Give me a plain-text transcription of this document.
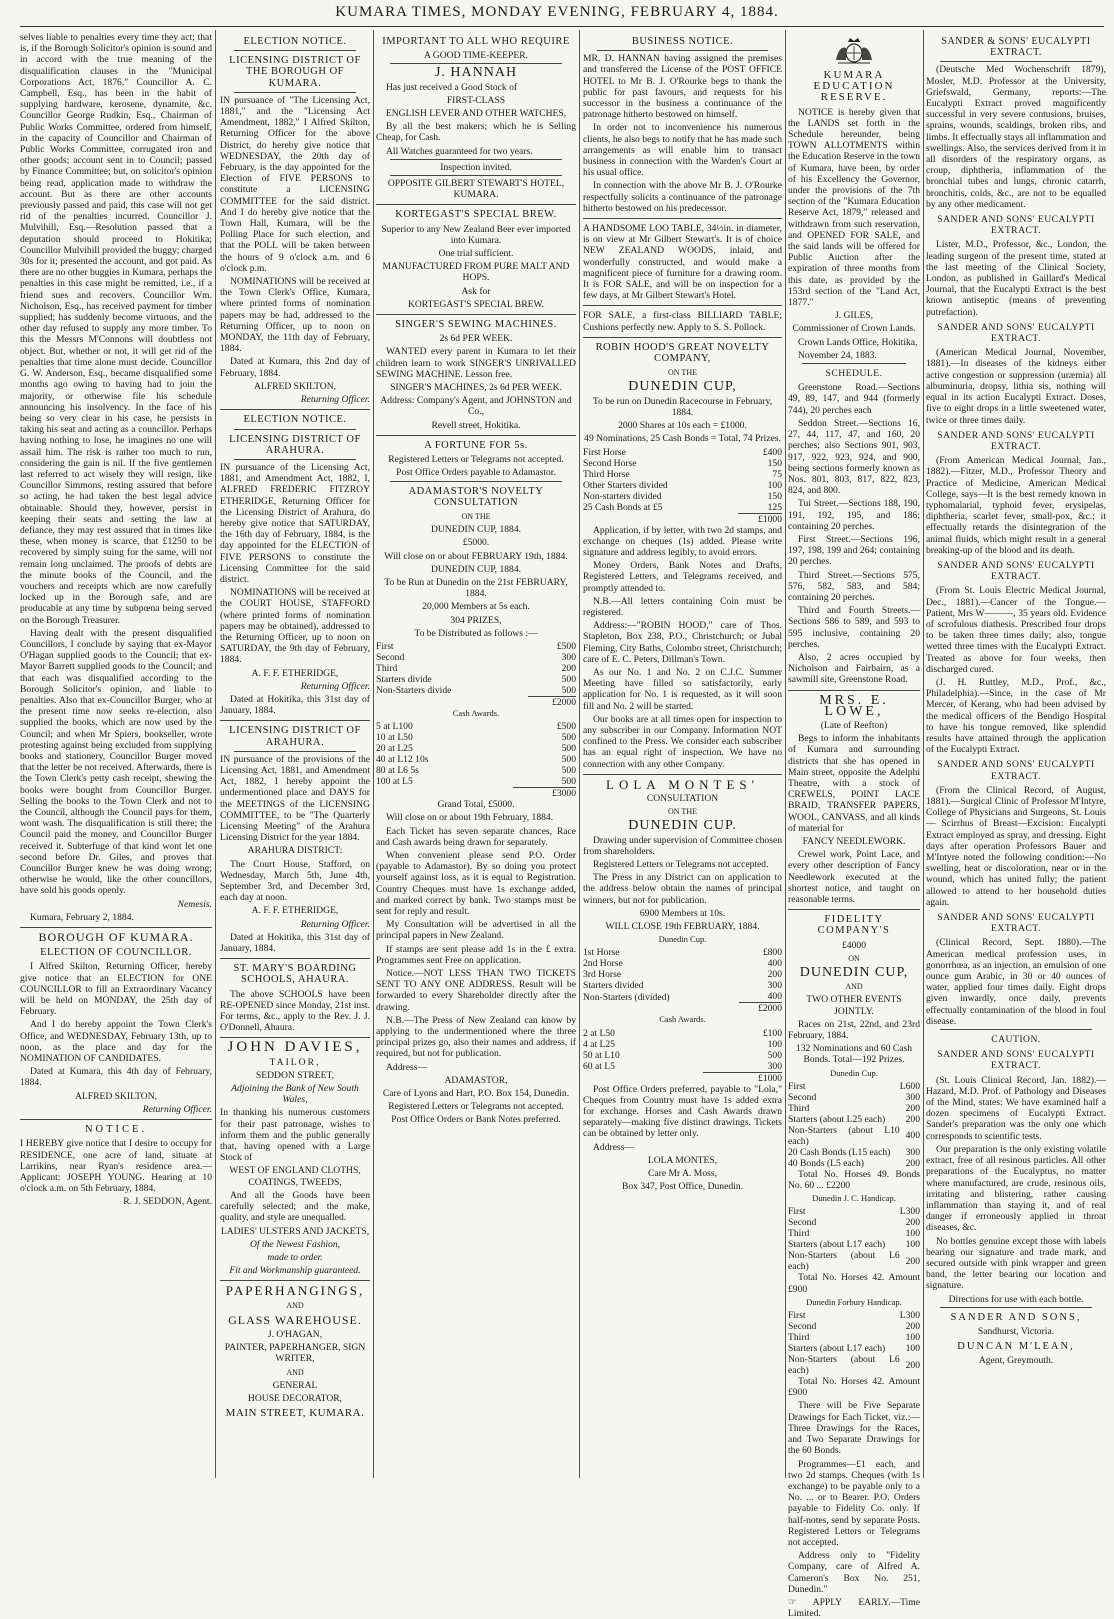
KUMARA TIMES, MONDAY EVENING, FEBRUARY 4, 1884.

selves liable to penalties every time they act; that is, if the Borough Solicitor's opinion is sound and in accord with the true meaning of the disqualification clauses in the "Municipal Corporations Act, 1876." Councillor A. C. Campbell, Esq., has been in the habit of supplying hardware, kerosene, dynamite, &c. Councillor George Rudkin, Esq., Chairman of Public Works Committee, ordered from himself, in the capacity of Councillor and Chairman of Public Works Committee, corrugated iron and other goods; account sent in to Council; passed by Finance Committee; but, on solicitor's opinion being read, application made to withdraw the account. But as there are other accounts previously passed and paid, this case will not get rid of the penalties incurred. Councillor J. Mulvihill, Esq.—Resolution passed that a deputation should proceed to Hokitika; Councillor Mulvihill provided the buggy; charged 30s for it; presented the account, and got paid. As there are no other buggies in Kumara, perhaps the penalties in this case might be remitted, i.e., if a friend sues and recovers. Councillor Wm. Nicholson, Esq., has received payment for timber supplied; has suddenly become virtuous, and the other day refused to supply any more timber. To this the Messrs M'Connons will doubtless not object. But, whether or not, it will get rid of the penalties that time alone must decide. Councillor G. W. Anderson, Esq., became disqualified some months ago owing to having had to join the majority, or otherwise file his schedule announcing his insolvency. In the face of his being so very clear in his case, he persists in taking his seat and acting as a councillor. Perhaps having nothing to lose, he imagines no one will assail him. The risk is rather too much to run, considering the gain is nil. If the five gentlemen last referred to act wisely they will resign, like Councillor Simmons, resting assured that before so acting, he had taken the best legal advice obtainable. Should they, however, persist in keeping their seats and setting the law at defiance, they may rest assured that in times like these, when money is scarce, that £1250 to be recovered by simply suing for the same, will not remain long unclaimed. The proofs of debts are the minute books of the Council, and the vouchers and receipts which are now carefully locked up in the Borough safe, and are producable at any time by subpœna being served on the Borough Treasurer.

Having dealt with the present disqualified Councillors, I conclude by saying that ex-Mayor O'Hagan supplied goods to the Council; that ex-Mayor Barrett supplied goods to the Council; and that each was disqualified according to the Borough Solicitor's opinion, and liable to penalties. Also that ex-Councillor Burger, who at the present time now seeks re-election, also supplied the books, which are now used by the Council; and when Mr Spiers, bookseller, wrote protesting against being excluded from supplying books and stationery, Councillor Burger moved that the letter be not received. Afterwards, there is the Town Clerk's petty cash receipt, shewing the books were bought from Councillor Burger. Selling the books to the Town Clerk and not to the Council, although the Council pays for them, wont wash. The disqualification is still there; the Council paid the money, and Councillor Burger received it. Subterfuge of that kind wont let one second before Dr. Giles, and proves that Councillor Burger knew he was doing wrong; otherwise he would, like the other councillors, have sold his goods openly.

Nemesis.

Kumara, February 2, 1884.

BOROUGH OF KUMARA.
ELECTION OF COUNCILLOR.

I Alfred Skilton, Returning Officer, hereby give notice that an ELECTION for ONE COUNCILLOR to fill an Extraordinary Vacancy will be held on MONDAY, the 25th day of February.

And I do hereby appoint the Town Clerk's Office, and WEDNESDAY, February 13th, up to noon, as the place and day for the NOMINATION OF CANDIDATES.

Dated at Kumara, this 4th day of February, 1884.

ALFRED SKILTON,

Returning Officer.

NOTICE.

I HEREBY give notice that I desire to occupy for RESIDENCE, one acre of land, situate at Larrikins, near Ryan's residence area.—Applicant: JOSEPH YOUNG. Hearing at 10 o'clock a.m. on 5th February, 1884.

R. J. SEDDON, Agent.

ELECTION NOTICE.
LICENSING DISTRICT OF THE BOROUGH OF KUMARA.

IN pursuance of "The Licensing Act, 1881," and the "Licensing Act Amendment, 1882," I Alfred Skilton, Returning Officer for the above District, do hereby give notice that WEDNESDAY, the 20th day of February, is the day appointed for the Election of FIVE PERSONS to constitute a LICENSING COMMITTEE for the said district. And I do hereby give notice that the Town Hall, Kumara, will be the Polling Place for such election, and that the POLL will be taken between the hours of 9 o'clock a.m. and 6 o'clock p.m.

NOMINATIONS will be received at the Town Clerk's Office, Kumara, where printed forms of nomination papers may be had, addressed to the Returning Officer, up to noon on MONDAY, the 11th day of February, 1884.

Dated at Kumara, this 2nd day of February, 1884.

ALFRED SKILTON,

Returning Officer.

ELECTION NOTICE.
LICENSING DISTRICT OF ARAHURA.

IN pursuance of the Licensing Act, 1881, and Amendment Act, 1882, I, ALFRED FREDERIC FITZROY ETHERIDGE, Returning Officer for the Licensing District of Arahura, do hereby give notice that SATURDAY, the 16th day of February, 1884, is the day appointed for the ELECTION of FIVE PERSONS to constitute the Licensing Committee for the said district.

NOMINATIONS will be received at the COURT HOUSE, STAFFORD (where printed forms of nomination papers may be obtained), addressed to the Returning Officer, up to noon on SATURDAY, the 9th day of February, 1884.

A. F. F. ETHERIDGE,

Returning Officer.

Dated at Hokitika, this 31st day of January, 1884.

LICENSING DISTRICT OF ARAHURA.

IN pursuance of the provisions of the Licensing Act, 1881, and Amendment Act, 1882, I hereby appoint the undermentioned place and DAYS for the MEETINGS of the LICENSING COMMITTEE, to be "The Quarterly Licensing Meeting" of the Arahura Licensing District for the year 1884.

ARAHURA DISTRICT:

The Court House, Stafford, on Wednesday, March 5th, June 4th, September 3rd, and December 3rd, each day at noon.

A. F. F. ETHERIDGE,

Returning Officer.

Dated at Hokitika, this 31st day of January, 1884.

ST. MARY'S BOARDING SCHOOLS, AHAURA.

The above SCHOOLS have been RE-OPENED since Monday, 21st inst. For terms, &c., apply to the Rev. J. J. O'Donnell, Ahaura.

JOHN DAVIES,

TAILOR,

SEDDON STREET,

Adjoining the Bank of New South Wales,

In thanking his numerous customers for their past patronage, wishes to inform them and the public generally that, having opened with a Large Stock of

WEST OF ENGLAND CLOTHS, COATINGS, TWEEDS,

And all the Goods have been carefully selected; and the make, quality, and style are unequalled.

LADIES' ULSTERS AND JACKETS,

Of the Newest Fashion,

made to order.

Fit and Workmanship guaranteed.

PAPERHANGINGS,

AND

GLASS WAREHOUSE.

J. O'HAGAN,

PAINTER, PAPERHANGER, SIGN WRITER,

AND

GENERAL

HOUSE DECORATOR,

MAIN STREET, KUMARA.
IMPORTANT TO ALL WHO REQUIRE

A GOOD TIME-KEEPER.

J. HANNAH

Has just received a Good Stock of

FIRST-CLASS

ENGLISH LEVER AND OTHER WATCHES,

By all the best makers; which he is Selling Cheap, for Cash.

All Watches guaranteed for two years.

Inspection invited.

OPPOSITE GILBERT STEWART'S HOTEL, KUMARA.

KORTEGAST'S SPECIAL BREW.

Superior to any New Zealand Beer ever imported into Kumara.

One trial sufficient.

MANUFACTURED FROM PURE MALT AND HOPS.

Ask for

KORTEGAST'S SPECIAL BREW.

SINGER'S SEWING MACHINES.

2s 6d PER WEEK.

WANTED every parent in Kumara to let their children learn to work SINGER'S UNRIVALLED SEWING MACHINE. Lesson free.

SINGER'S MACHINES, 2s 6d PER WEEK.

Address: Company's Agent, and JOHNSTON and Co.,

Revell street, Hokitika.

A FORTUNE FOR 5s.

Registered Letters or Telegrams not accepted.

Post Office Orders payable to Adamastor.

ADAMASTOR'S NOVELTY CONSULTATION

ON THE

DUNEDIN CUP, 1884.

£5000.

Will close on or about FEBRUARY 19th, 1884.

DUNEDIN CUP, 1884.

To be Run at Dunedin on the 21st FEBRUARY, 1884.

20,000 Members at 5s each.

304 PRIZES,

To be Distributed as follows :—

First	£500
Second	300
Third	200
Starters divide	500
Non-Starters divide	500
	£2000

Cash Awards.

5 at L100	£500
10 at L50	500
20 at L25	500
40 at L12 10s	500
80 at L6 5s	500
100 at L5	500
	£3000

Grand Total, £5000.

Will close on or about 19th February, 1884.

Each Ticket has seven separate chances, Race and Cash awards being drawn for separately.

When convenient please send P.O. Order (payable to Adamastor). By so doing you protect yourself against loss, as it is equal to Registration. Country Cheques must have 1s exchange added, and marked correct by bank. Two stamps must be sent for reply and result.

My Consultation will be advertised in all the principal papers in New Zealand.

If stamps are sent please add 1s in the £ extra. Programmes sent Free on application.

Notice.—NOT LESS THAN TWO TICKETS SENT TO ANY ONE ADDRESS. Result will be forwarded to every Shareholder directly after the drawing.

N.B.—The Press of New Zealand can know by applying to the undermentioned where the three principal prizes go, also their names and address, if required, but not for publication.

Address—

ADAMASTOR,

Care of Lyons and Hart, P.O. Box 154, Dunedin.

Registered Letters or Telegrams not accepted.

Post Office Orders or Bank Notes preferred.

BUSINESS NOTICE.

MR. D. HANNAN having assigned the premises and transferred the License of the POST OFFICE HOTEL to Mr B. J. O'Rourke begs to thank the public for past favours, and requests for his successor in the business a continuance of the patronage hitherto bestowed on himself.

In order not to inconvenience his numerous clients, he also begs to notify that he has made such arrangements as will enable him to transact business in connection with the Warden's Court at his usual office.

In connection with the above Mr B. J. O'Rourke respectfully solicits a continuance of the patronage hitherto bestowed on his predecessor.

A HANDSOME LOO TABLE, 34½in. in diameter, is on view at Mr Gilbert Stewart's. It is of choice NEW ZEALAND WOODS, inlaid, and wonderfully constructed, and would make a magnificent piece of furniture for a drawing room. It is FOR SALE, and will be on inspection for a few days, at Mr Gilbert Stewart's Hotel.

FOR SALE, a first-class BILLIARD TABLE; Cushions perfectly new. Apply to S. S. Pollock.

ROBIN HOOD'S GREAT NOVELTY COMPANY,

ON THE

DUNEDIN CUP,

To be run on Dunedin Racecourse in February, 1884.

2000 Shares at 10s each = £1000.

49 Nominations, 25 Cash Bonds = Total, 74 Prizes.

First Horse	£400
Second Horse	150
Third Horse	75
Other Starters divided	100
Non-starters divided	150
25 Cash Bonds at £5	125
	£1000

Application, if by letter, with two 2d stamps, and exchange on cheques (1s) added. Please write signature and address legibly, to avoid errors.

Money Orders, Bank Notes and Drafts, Registered Letters, and Telegrams received, and promptly attended to.

N.B.—All letters containing Coin must be registered.

Address:—"ROBIN HOOD," care of Thos. Stapleton, Box 238, P.O., Christchurch; or Jubal Fleming, City Baths, Colombo street, Christchurch; care of E. C. Peters, Dillman's Town.

As our No. 1 and No. 2 on C.J.C. Summer Meeting have filled so satisfactorily, early application for No. 1 is requested, as it will soon fill and No. 2 will be started.

Our books are at all times open for inspection to any subscriber in our Company. Information NOT confined to the Press. We consider each subscriber has an equal right of inspection. We have no connection with any other Company.

LOLA MONTES'

CONSULTATION

ON THE

DUNEDIN CUP.

Drawing under supervision of Committee chosen from shareholders.

Registered Letters or Telegrams not accepted.

The Press in any District can on application to the address below obtain the names of principal winners, but not for publication.

6900 Members at 10s.

WILL CLOSE 19th FEBRUARY, 1884.

Dunedin Cup.

1st Horse	£800
2nd Horse	400
3rd Horse	200
Starters divided	300
Non-Starters (divided)	400
	£2000

Cash Awards.

2 at L50	£100
4 at L25	100
50 at L10	500
60 at L5	300
	£1000

Post Office Orders preferred, payable to "Lola," Cheques from Country must have 1s added extra for exchange. Horses and Cash Awards drawn separately—making five distinct drawings. Tickets can be obtained by letter only.

Address—

LOLA MONTES,

Care Mr A. Moss,

Box 347, Post Office, Dunedin.

KUMARA EDUCATION RESERVE.

NOTICE is hereby given that the LANDS set forth in the Schedule hereunder, being TOWN ALLOTMENTS within the Education Reserve in the town of Kumara, have been, by order of his Excellency the Governor, under the provisions of the 7th section of the "Kumara Education Reserve Act, 1879," released and withdrawn from such reservation, and OPENED FOR SALE, and the said lands will be offered for Public Auction after the expiration of three months from this date, as provided by the 153rd section of the "Land Act, 1877."

J. GILES,

Commissioner of Crown Lands.

Crown Lands Office, Hokitika,

November 24, 1883.

SCHEDULE.

Greenstone Road.—Sections 49, 89, 147, and 944 (formerly 744), 20 perches each

Seddon Street.—Sections 16, 27, 44, 117, 47, and 160, 20 perches; also Sections 901, 903, 917, 922, 923, 924, and 900, being sections formerly known as Nos. 801, 803, 817, 822, 823, 824, and 800.

Tui Street.—Sections 188, 190, 191, 192, 195, and 186; containing 20 perches.

First Street.—Sections 196, 197, 198, 199 and 264; containing 20 perches.

Third Street.—Sections 575, 576, 582, 583, and 584; containing 20 perches.

Third and Fourth Streets.—Sections 586 to 589, and 593 to 595 inclusive, containing 20 perches.

Also, 2 acres occupied by Nicholson and Fairbairn, as a sawmill site, Greenstone Road.

MRS. E. LOWE,

(Late of Reefton)

Begs to inform the inhabitants of Kumara and surrounding districts that she has opened in Main street, opposite the Adelphi Theatre, with a stock of CREWELS, POINT LACE BRAID, TRANSFER PAPERS, WOOL, CANVASS, and all kinds of material for

FANCY NEEDLEWORK.

Crewel work, Point Lace, and every other description of Fancy Needlework executed at the shortest notice, and taught on reasonable terms.

FIDELITY COMPANY'S

£4000

ON

DUNEDIN CUP,

AND

TWO OTHER EVENTS JOINTLY.

Races on 21st, 22nd, and 23rd February, 1884.

132 Nominations and 60 Cash Bonds. Total—192 Prizes.

Dunedin Cup.

First	L600
Second	300
Third	200
Starters (about L25 each)	200
Non-Starters (about L10 each)	400
20 Cash Bonds (L15 each)	300
40 Bonds (L5 each)	200

Total No. Horses 49. Bonds No. 60 ... £2200

Dunedin J. C. Handicap.

First	L300
Second	200
Third	100
Starters (about L17 each)	100
Non-Starters (about L6 each)	200

Total No. Horses 42. Amount £900

Dunedin Forbury Handicap.

First	L300
Second	200
Third	100
Starters (about L17 each)	100
Non-Starters (about L6 each)	200

Total No. Horses 42. Amount £900

There will be Five Separate Drawings for Each Ticket, viz.:—Three Drawings for the Races, and Two Separate Drawings for the 60 Bonds.

Programmes—£1 each, and two 2d stamps. Cheques (with 1s exchange) to be payable only to a No. ... or to Bearer. P.O. Orders payable to Fidelity Co. only. If half-notes, send by separate Posts. Registered Letters or Telegrams not accepted.

Address only to "Fidelity Company, care of Alfred A. Cameron's Box No. 251, Dunedin."

☞ APPLY EARLY.—Time Limited.

SANDER & SONS' EUCALYPTI EXTRACT.

(Deutsche Med Wochenschrift 1879), Mosler, M.D. Professor at the University, Griefswald, Germany, reports:—The Eucalypti Extract proved magnificently successful in very severe contusions, bruises, sprains, wounds, scaldings, broken ribs, and limbs. It effectually stays all inflammation and swellings. Also, the services derived from it in all disorders of the respiratory organs, as croup, diphtheria, inflammation of the bronchial tubes and lungs, chronic catarrh, bronchitis, colds, &c., are not to be equalled by any other medicament.

SANDER AND SONS' EUCALYPTI EXTRACT.

Lister, M.D., Professor, &c., London, the leading surgeon of the present time, stated at the last meeting of the Clinical Society, London, as published in Gaillard's Medical Journal, that the Eucalypti Extract is the best known antiseptic (means of preventing putrefaction).

SANDER AND SONS' EUCALYPTI EXTRACT.

(American Medical Journal, November, 1881).—In diseases of the kidneys either active congestion or suppression (uræmia) all albuminuria, dropsy, lithia sis, nothing will equal in its action Eucalypti Extract. Doses, five to eight drops in a little sweetened water, twice or three times daily.

SANDER AND SONS' EUCALYPTI EXTRACT.

(From American Medical Journal, Jan., 1882).—Fitzer, M.D., Professor Theory and Practice of Medicine, American Medical College, says—It is the best remedy known in typhomalarial, typhoid fever, erysipelas, diphtheria, scarlet fever, small-pox, &c.; it effectually retards the disintegration of the animal fluids, which might result in a general breaking-up of the blood and its death.

SANDER AND SONS' EUCALYPTI EXTRACT.

(From St. Louis Electric Medical Journal, Dec., 1881).—Cancer of the Tongue.—Patient, Mrs W———, 35 years old. Evidence of scrofulous diathesis. Prescribed four drops to be taken three times daily; also, tongue wetted three times with the Eucalypti Extract. Treated as above for four weeks, then discharged cured.

(J. H. Ruttley, M.D., Prof., &c., Philadelphia).—Since, in the case of Mr Mercer, of Kerang, who had been advised by the medical officers of the Bendigo Hospital to have his tongue removed, like splendid results have attained through the application of the Eucalypti Extract.

SANDER AND SONS' EUCALYPTI EXTRACT.

(From the Clinical Record, of August, 1881).—Surgical Clinic of Professor M'Intyre, College of Physicians and Surgeons, St. Louis — Scirrhus of Breast—Excision: Eucalypti Extract employed as spray, and dressing. Eight days after operation Professors Bauer and M'Intyre noted the following condition:—No swelling, heat or discoloration, near or in the wound, which has united fully; the patient allowed to attend to her household duties again.

SANDER AND SONS' EUCALYPTI EXTRACT.

(Clinical Record, Sept. 1880).—The American medical profession uses, in gonorrhœa, as an injection, an emulsion of one ounce gum Arabic, in 30 or 40 ounces of water, applied four times daily. Eight drops given inwardly, once daily, prevents effectually contamination of the blood in foul disease.

CAUTION.
SANDER AND SONS' EUCALYPTI EXTRACT.

(St. Louis Clinical Record, Jan. 1882).—Hazard, M.D. Prof. of Pathology and Diseases of the Mind, states: We have examined half a dozen specimens of Eucalypti Extract. Sander's preparation was the only one which corresponds to scientific tests.

Our preparation is the only existing volatile extract, free of all resinous particles. All other preparations of the Eucalyptus, no matter where manufactured, are crude, resinous oils, irritating and blistering, rather causing inflammation than staying it, and of real danger if erroneously applied in throat diseases, &c.

No bottles genuine except those with labels bearing our signature and trade mark, and secured outside with pink wrapper and green band, the letter bearing our location and signature.

Directions for use with each bottle.

SANDER AND SONS,

Sandhurst, Victoria.

DUNCAN M'LEAN,

Agent, Greymouth.
